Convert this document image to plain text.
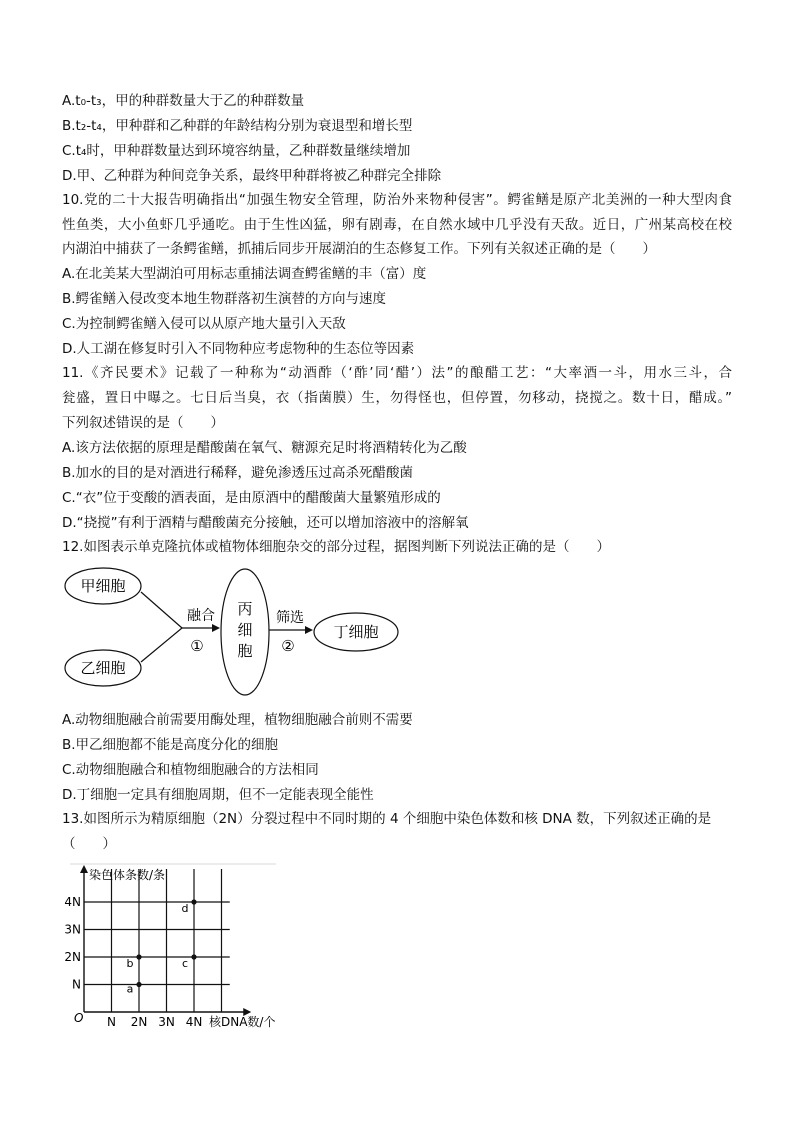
A.t₀-t₃，甲的种群数量大于乙的种群数量
B.t₂-t₄，甲种群和乙种群的年龄结构分别为衰退型和增长型
C.t₄时，甲种群数量达到环境容纳量，乙种群数量继续增加
D.甲、乙种群为种间竞争关系，最终甲种群将被乙种群完全排除
10.党的二十大报告明确指出“加强生物安全管理，防治外来物种侵害”。鳄雀鳝是原产北美洲的一种大型肉食
性鱼类，大小鱼虾几乎通吃。由于生性凶猛，卵有剧毒，在自然水域中几乎没有天敌。近日，广州某高校在校
内湖泊中捕获了一条鳄雀鳝，抓捕后同步开展湖泊的生态修复工作。下列有关叙述正确的是（　　）
A.在北美某大型湖泊可用标志重捕法调查鳄雀鳝的丰（富）度
B.鳄雀鳝入侵改变本地生物群落初生演替的方向与速度
C.为控制鳄雀鳝入侵可以从原产地大量引入天敌
D.人工湖在修复时引入不同物种应考虑物种的生态位等因素
11.《齐民要术》记载了一种称为“动酒酢（‘酢’同‘醋’）法”的酿醋工艺：“大率酒一斗，用水三斗，合
瓮盛，置日中曝之。七日后当臭，衣（指菌膜）生，勿得怪也，但停置，勿移动，挠搅之。数十日，醋成。”
下列叙述错误的是（　　）
A.该方法依据的原理是醋酸菌在氧气、糖源充足时将酒精转化为乙酸
B.加水的目的是对酒进行稀释，避免渗透压过高杀死醋酸菌
C.“衣”位于变酸的酒表面，是由原酒中的醋酸菌大量繁殖形成的
D.“挠搅”有利于酒精与醋酸菌充分接触，还可以增加溶液中的溶解氧
12.如图表示单克隆抗体或植物体细胞杂交的部分过程，据图判断下列说法正确的是（　　）
甲细胞
乙细胞
融合
①
丙
细
胞
筛选
②
丁细胞
A.动物细胞融合前需要用酶处理，植物细胞融合前则不需要
B.甲乙细胞都不能是高度分化的细胞
C.动物细胞融合和植物细胞融合的方法相同
D.丁细胞一定具有细胞周期，但不一定能表现全能性
13.如图所示为精原细胞（2N）分裂过程中不同时期的 4 个细胞中染色体数和核 DNA 数，下列叙述正确的是
（　　）
染色体条数/条
核DNA数/个
O N 2N 3N 4N
N
2N
3N
4N
a
b	c
d
